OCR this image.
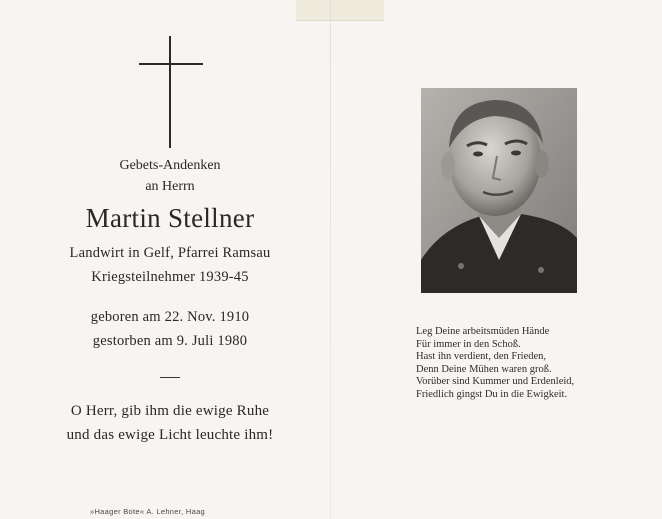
Gebets-Andenken
an Herrn
Martin Stellner
Landwirt in Gelf, Pfarrei Ramsau
Kriegsteilnehmer 1939-45
geboren am 22. Nov. 1910
gestorben am 9. Juli 1980
O Herr, gib ihm die ewige Ruhe
und das ewige Licht leuchte ihm!
»Haager Bote« A. Lehner, Haag
Leg Deine arbeitsmüden Hände
Für immer in den Schoß.
Hast ihn verdient, den Frieden,
Denn Deine Mühen waren groß.
Vorüber sind Kummer und Erdenleid,
Friedlich gingst Du in die Ewigkeit.
